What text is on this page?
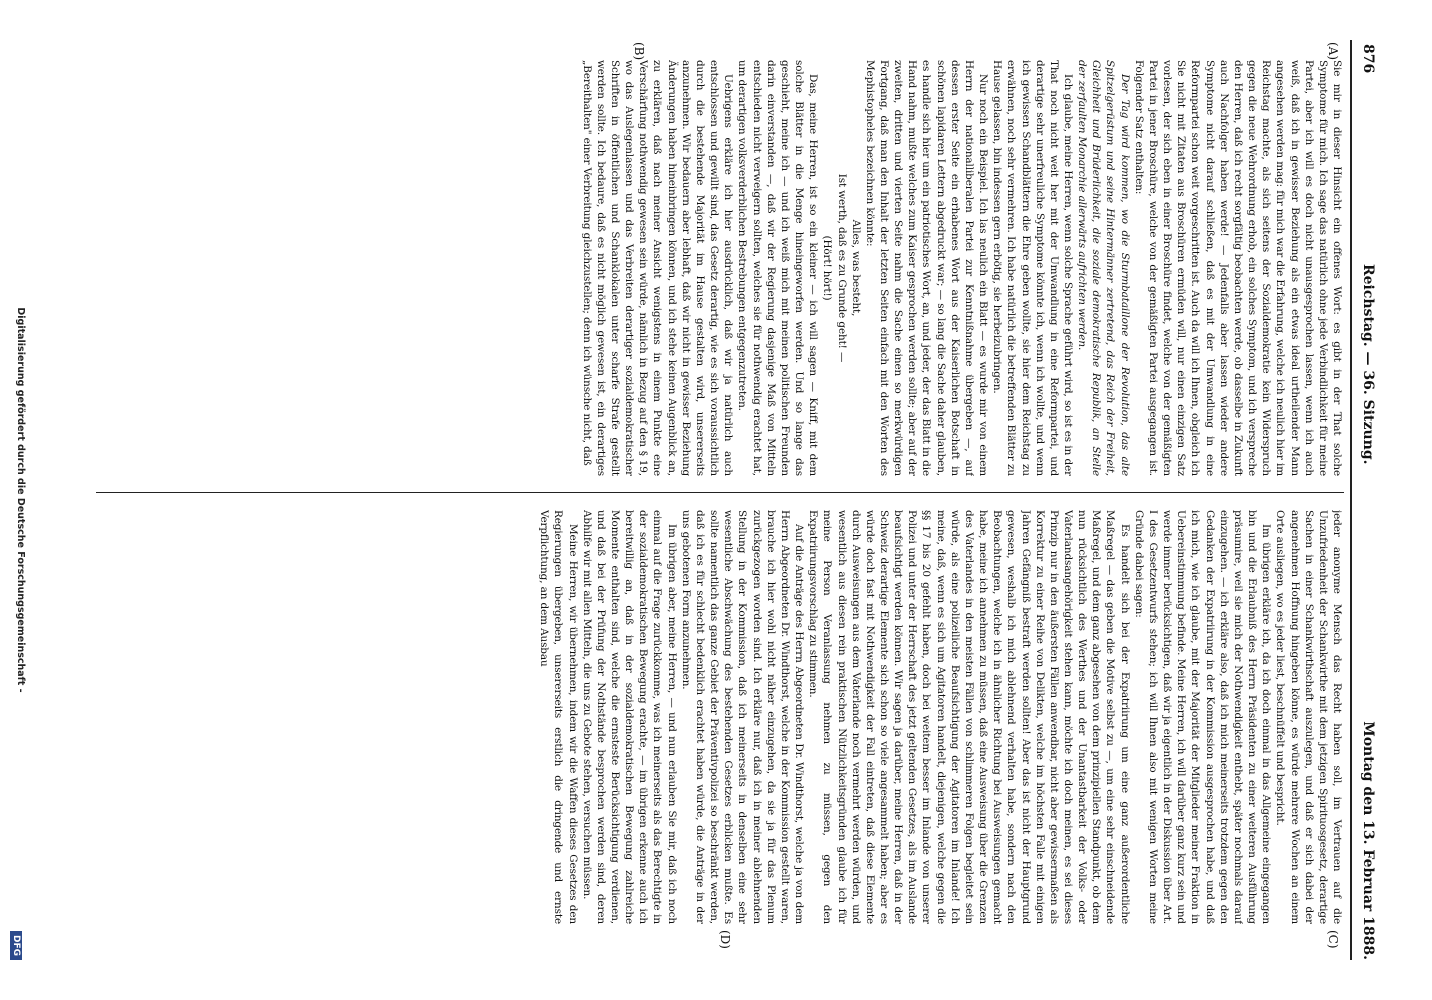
876
Reichstag. — 36. Sitzung.
Montag den 13. Februar 1888.
(A)
(B)
(C)
(D)

Sie mir in dieser Hinsicht ein offenes Wort: es gibt in der That solche Symptome für mich. Ich sage das natürlich ohne jede Verbindlichkeit für meine Partei, aber ich will es doch nicht unausgesprochen lassen, wenn ich auch weiß, daß ich in gewisser Beziehung als ein etwas ideal urtheilender Mann angesehen werden mag: für mich war die Erfahrung, welche ich neulich hier im Reichstag machte, als sich seitens der Sozialdemokratie kein Widerspruch gegen die neue Wehrordnung erhob, ein solches Symptom, und ich verspreche den Herren, daß ich recht sorgfältig beobachten werde, ob dasselbe in Zukunft auch Nachfolger haben werde! — Jedenfalls aber lassen wieder andere Symptome nicht darauf schließen, daß es mit der Umwandlung in eine Reformpartei schon weit vorgeschritten ist. Auch da will ich Ihnen, obgleich ich Sie nicht mit Zitaten aus Broschüren ermüden will, nur einen einzigen Satz vorlesen, der sich eben in einer Broschüre findet, welche von der gemäßigten Partei in jener Broschüre, welche von der gemäßigten Partei ausgegangen ist. Folgender Satz enthalten:

Der Tag wird kommen, wo die Sturmbataillone der Revolution, das alte Spitzelgerüstum und seine Hintermänner zertretend, das Reich der Freiheit, Gleichheit und Brüderlichkeit, die soziale demokratische Republik, an Stelle der zerfaulten Monarchie allerwärts aufrichten werden.

Ich glaube, meine Herren, wenn solche Sprache geführt wird, so ist es in der That noch nicht weit her mit der Umwandlung in eine Reformpartei, und derartige sehr unerfreuliche Symptome könnte ich, wenn ich wollte, und wenn ich gewissen Schandblättern die Ehre geben wollte, sie hier dem Reichstag zu erwähnen, noch sehr vermehren. Ich habe natürlich die betreffenden Blätter zu Hause gelassen, bin indessen gern erbötig, sie herbeizubringen.

Nur noch ein Beispiel. Ich las neulich ein Blatt — es wurde mir von einem Herrn der nationalliberalen Partei zur Kenntnißnahme übergeben —, auf dessen erster Seite ein erhabenes Wort aus der Kaiserlichen Botschaft in schönen lapidaren Lettern abgedruckt war; — so lang die Sache daher glauben, es handle sich hier um ein patriotisches Wort, an, und jeder, der das Blatt in die Hand nahm, mußte welches zum Kaiser gesprochen werden sollte; aber auf der zweiten, dritten und vierten Seite nahm die Sache einen so merkwürdigen Fortgang, daß man den Inhalt der letzten Seiten einfach mit den Worten des Mephistopheles bezeichnen könnte:

Alles, was besteht,

Ist werth, daß es zu Grunde geht! —

(Hört! hört!)

Das, meine Herren, ist so ein kleiner — ich will sagen — Kniff, mit dem solche Blätter in die Menge hineingeworfen werden. Und so lange das geschieht, meine ich — und ich weiß mich mit meinen politischen Freunden darin einverstanden —, daß wir der Regierung dasjenige Maß von Mitteln entschieden nicht verweigern sollten, welches sie für nothwendig erachtet hat, um derartigen volksverderblichen Bestrebungen entgegenzutreten.

Uebrigens erkläre ich hier ausdrücklich, daß wir ja natürlich auch entschlossen und gewillt sind, das Gesetz derartig, wie es sich voraussichtlich durch die bestehende Majorität im Hause gestalten wird, unsererseits anzunehmen. Wir bedauern aber lebhaft, daß wir nicht in gewisser Beziehung Änderungen haben hineinbringen können, und ich stehe keinen Augenblick an, zu erklären, daß nach meiner Ansicht wenigstens in einem Punkte eine Verschärfung nothwendig gewesen sein würde, nämlich in Bezug auf den § 19, wo das Auslegenlassen und das Verbreiten derartiger sozialdemokratischer Schriften in öffentlichen und Schanklokalen unter scharfe Strafe gestellt werden sollte. Ich bedaure, daß es nicht möglich gewesen ist, ein derartiges „Bereithalten" einer Verbreitung gleichzustellen; denn ich wünsche nicht, daß

jeder anonyme Mensch das Recht haben soll, im Vertrauen auf die Unzufriedenheit der Schankwirthe mit dem jetzigen Spirituosgesetz, derartige Sachen in einer Schankwirthschaft auszulegen, und daß er sich dabei der angenehmen Hoffnung hingeben könne, es würde mehrere Wochen an einem Orte ausliegen, wo es jeder liest, beschnüffelt und bespricht.

Im übrigen erkläre ich, da ich doch einmal in das Allgemeine eingegangen bin und die Erlaubniß des Herrn Präsidenten zu einer weiteren Ausführung präsumire, weil sie mich der Nothwendigkeit enthebt, später nochmals darauf einzugehen. — ich erkläre also, daß ich mich meinerseits trotzdem gegen den Gedanken der Expatriirung in der Kommission ausgesprochen habe, und daß ich mich, wie ich glaube, mit der Majorität der Mitglieder meiner Fraktion in Uebereinstimmung befinde. Meine Herren, ich will darüber ganz kurz sein und werde immer berücksichtigen, daß wir ja eigentlich in der Diskussion über Art. I des Gesetzentwurfs stehen; ich will Ihnen also mit wenigen Worten meine Gründe dabei sagen:

Es handelt sich bei der Expatriirung um eine ganz außerordentliche Maßregel — das geben die Motive selbst zu —, um eine sehr einschneidende Maßregel, und dem ganz abgesehen von dem prinzipiellen Standpunkt, ob dem nun rücksichtlich des Werthes und der Unantastbarkeit der Volks- oder Vaterlandsangehörigkeit stehen kann, möchte ich doch meinen, es sei dieses Prinzip nur in den äußersten Fällen anwendbar, nicht aber gewissermaßen als Korrektur zu einer Reihe von Delikten, welche im höchsten Falle mit einigen Jahren Gefängniß bestraft werden sollten! Aber das ist nicht der Hauptgrund gewesen, weshalb ich mich ablehnend verhalten habe, sondern nach den Beobachtungen, welche ich in ähnlicher Richtung bei Ausweisungen gemacht habe, meine ich annehmen zu müssen, daß eine Ausweisung über die Grenzen des Vaterlandes in den meisten Fällen von schlimmeren Folgen begleitet sein würde, als eine polizeiliche Beaufsichtigung der Agitatoren im Inlande! Ich meine, daß, wenn es sich um Agitatoren handelt, diejenigen, welche gegen die §§ 17 bis 20 gefehlt haben, doch bei weitem besser im Inlande von unserer Polizei und unter der Herrschaft des jetzt geltenden Gesetzes, als im Auslande beaufsichtigt werden können. Wir sagen ja darüber, meine Herren, daß in der Schweiz derartige Elemente sich schon so viele angesammelt haben; aber es würde doch fast mit Nothwendigkeit der Fall eintreten, daß diese Elemente durch Ausweisungen aus dem Vaterlande noch vermehrt werden würden, und wesentlich aus diesen rein praktischen Nützlichkeitsgründen glaube ich für meine Person Veranlassung nehmen zu müssen, gegen den Expatriirungsvorschlag zu stimmen.

Auf die Anträge des Herrn Abgeordneten Dr. Windthorst, welche ja von dem Herrn Abgeordneten Dr. Windthorst, welche in der Kommission gestellt waren, brauche ich hier wohl nicht näher einzugehen, da sie ja für das Plenum zurückgezogen worden sind. Ich erkläre nur, daß ich in meiner ablehnenden Stellung in der Kommission, daß ich meinerseits in denselben eine sehr wesentliche Abschwächung des bestehenden Gesetzes erblicken mußte. Es sollte namentlich das ganze Gebiet der Präventivpolizei so beschränkt werden, daß ich es für schlecht bedenklich erachtet haben würde, die Anträge in der uns gebotenen Form anzunehmen.

Im übrigen aber, meine Herren, — und nun erlauben Sie mir, daß ich noch einmal auf die Frage zurückkomme, was ich meinerseits als das Berechtigte in der sozialdemokratischen Bewegung erachte, — im übrigen erkenne auch ich bereitwillig an, daß in der sozialdemokratischen Bewegung zahlreiche Momente enthalten sind, welche die ernsteste Berücksichtigung verdienen, und daß bei der Prüfung der Nothstände besprochen werden sind, deren Abhilfe wir mit allen Mitteln, die uns zu Gebote stehen, versuchen müssen.

Meine Herren, wir übernehmen, indem wir die Waffen dieses Gesetzes den Regierungen übergeben, unsererseits erstlich die dringende und ernste Verpflichtung, an dem Ausbau

Digitalisierung gefördert durch die Deutsche Forschungsgemeinschaft -
DFG
